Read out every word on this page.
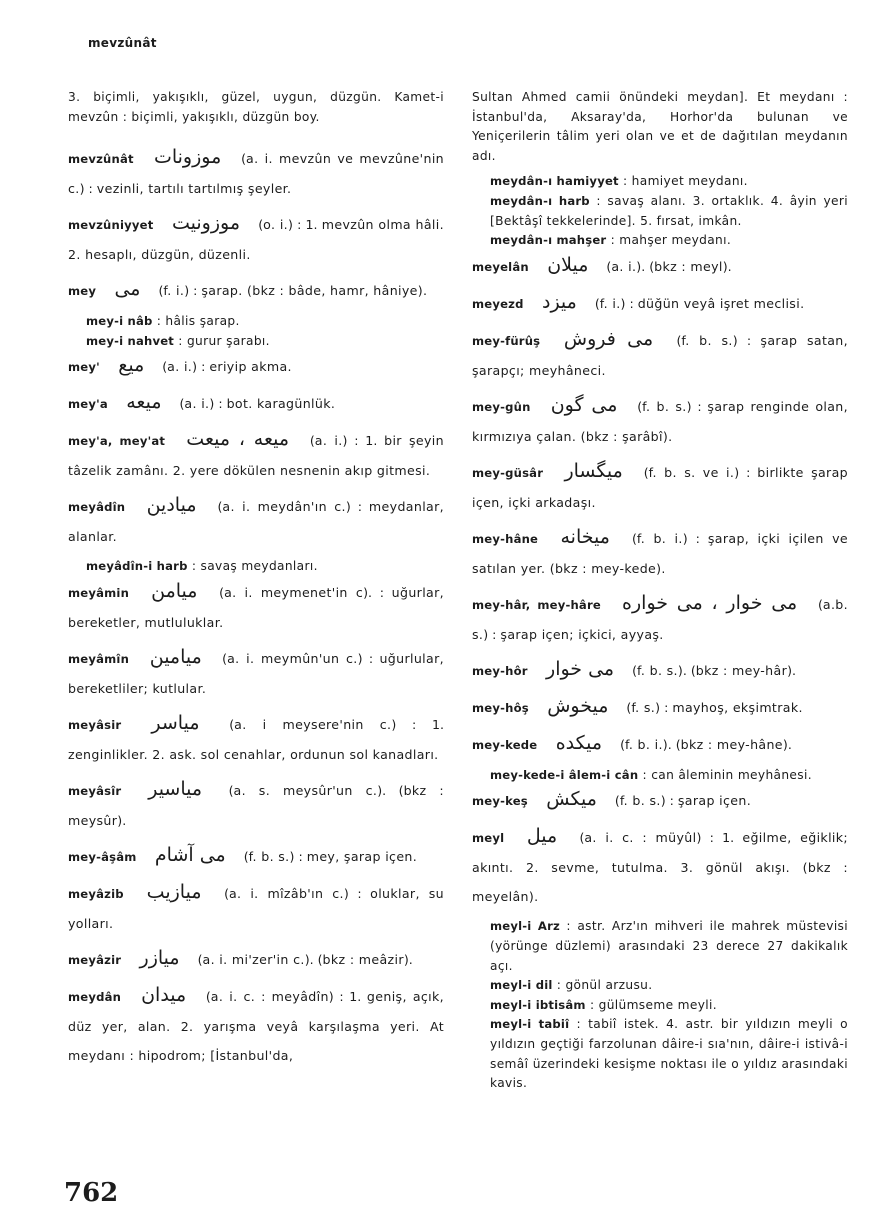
mevzûnât
3. biçimli, yakışıklı, güzel, uygun, düzgün. Kamet-i mevzûn : biçimli, yakışıklı, düzgün boy.
mevzûnât موزونات (a. i. mevzûn ve mevzûne'nin c.) : vezinli, tartılı tartılmış şeyler.
mevzûniyyet موزونيت (o. i.) : 1. mevzûn olma hâli. 2. hesaplı, düzgün, düzenli.
mey مى (f. i.) : şarap. (bkz : bâde, hamr, hâniye).
mey-i nâb : hâlis şarap.
mey-i nahvet : gurur şarabı.
mey' ميع (a. i.) : eriyip akma.
mey'a ميعه (a. i.) : bot. karagünlük.
mey'a, mey'at ميعه ، ميعت (a. i.) : 1. bir şeyin tâzelik zamânı. 2. yere dökülen nesnenin akıp gitmesi.
meyâdîn ميادين (a. i. meydân'ın c.) : meydanlar, alanlar.
meyâdîn-i harb : savaş meydanları.
meyâmin ميامن (a. i. meymenet'in c). : uğurlar, bereketler, mutluluklar.
meyâmîn ميامين (a. i. meymûn'un c.) : uğurlular, bereketliler; kutlular.
meyâsir مياسر (a. i meysere'nin c.) : 1. zenginlikler. 2. ask. sol cenahlar, ordunun sol kanadları.
meyâsîr مياسير (a. s. meysûr'un c.). (bkz : meysûr).
mey-âşâm مى آشام (f. b. s.) : mey, şarap içen.
meyâzib ميازيب (a. i. mîzâb'ın c.) : oluklar, su yolları.
meyâzir ميازر (a. i. mi'zer'in c.). (bkz : meâzir).
meydân ميدان (a. i. c. : meyâdîn) : 1. geniş, açık, düz yer, alan. 2. yarışma veyâ karşılaşma yeri. At meydanı : hipodrom; [İstanbul'da,
Sultan Ahmed camii önündeki meydan]. Et meydanı : İstanbul'da, Aksaray'da, Horhor'da bulunan ve Yeniçerilerin tâlim yeri olan ve et de dağıtılan meydanın adı.
meydân-ı hamiyyet : hamiyet meydanı.
meydân-ı harb : savaş alanı. 3. ortaklık. 4. âyin yeri [Bektâşî tekkelerinde]. 5. fırsat, imkân.
meydân-ı mahşer : mahşer meydanı.
meyelân ميلان (a. i.). (bkz : meyl).
meyezd ميزد (f. i.) : düğün veyâ işret meclisi.
mey-fürûş مى فروش (f. b. s.) : şarap satan, şarapçı; meyhâneci.
mey-gûn مى گون (f. b. s.) : şarap renginde olan, kırmızıya çalan. (bkz : şarâbî).
mey-güsâr ميگسار (f. b. s. ve i.) : birlikte şarap içen, içki arkadaşı.
mey-hâne ميخانه (f. b. i.) : şarap, içki içilen ve satılan yer. (bkz : mey-kede).
mey-hâr, mey-hâre مى خوار ، مى خواره (a.b. s.) : şarap içen; içkici, ayyaş.
mey-hôr مى خوار (f. b. s.). (bkz : mey-hâr).
mey-hôş ميخوش (f. s.) : mayhoş, ekşimtrak.
mey-kede ميكده (f. b. i.). (bkz : mey-hâne).
mey-kede-i âlem-i cân : can âleminin meyhânesi.
mey-keş ميكش (f. b. s.) : şarap içen.
meyl ميل (a. i. c. : müyûl) : 1. eğilme, eğiklik; akıntı. 2. sevme, tutulma. 3. gönül akışı. (bkz : meyelân).
meyl-i Arz : astr. Arz'ın mihveri ile mahrek müstevisi (yörünge düzlemi) arasındaki 23 derece 27 dakikalık açı.
meyl-i dil : gönül arzusu.
meyl-i ibtisâm : gülümseme meyli.
meyl-i tabiî : tabiî istek. 4. astr. bir yıldızın meyli o yıldızın geçtiği farzolunan dâire-i sıa'nın, dâire-i istivâ-i semâî üzerindeki kesişme noktası ile o yıldız arasındaki kavis.
762
